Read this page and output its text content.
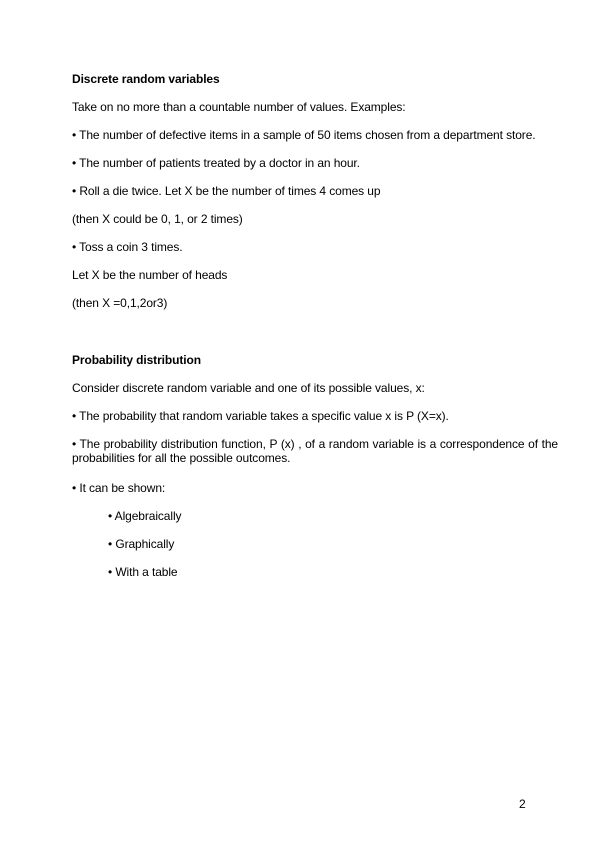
Discrete random variables
Take on no more than a countable number of values. Examples:
• The number of defective items in a sample of 50 items chosen from a department store.
• The number of patients treated by a doctor in an hour.
• Roll a die twice. Let X be the number of times 4 comes up
(then X could be 0, 1, or 2 times)
• Toss a coin 3 times.
Let X be the number of heads
(then X =0,1,2or3)
Probability distribution
Consider discrete random variable and one of its possible values, x:
• The probability that random variable takes a specific value x is P (X=x).
• The probability distribution function, P (x) , of a random variable is a correspondence of the probabilities for all the possible outcomes.
• It can be shown:
• Algebraically
• Graphically
• With a table
2
